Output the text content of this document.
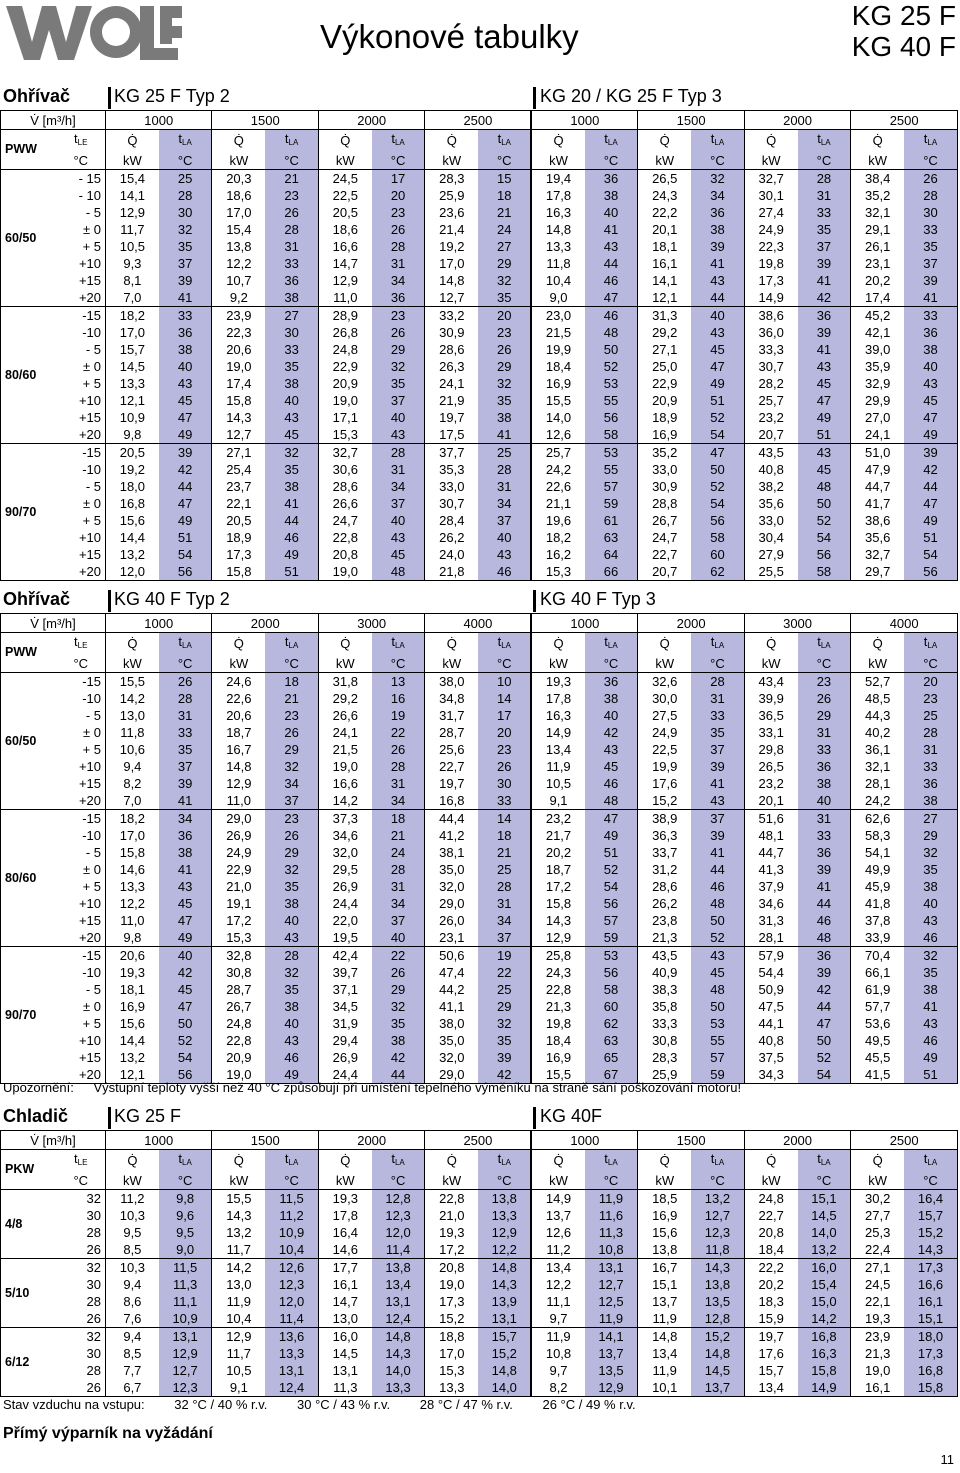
Výkonové tabulky
KG 25 F
KG 40 F
Ohřívač KG 25 F Typ 2	KG 20 / KG 25 F Typ 3
V̇ [m³/h]		1000		1500		2000		2500		1000		1500		2000		2500	
PWW	tLE	Q̇	tLA	Q̇	tLA	Q̇	tLA	Q̇	tLA	Q̇	tLA	Q̇	tLA	Q̇	tLA	Q̇	tLA
	°C	kW	°C	kW	°C	kW	°C	kW	°C	kW	°C	kW	°C	kW	°C	kW	°C
60/50	- 15	15,4	25	20,3	21	24,5	17	28,3	15	19,4	36	26,5	32	32,7	28	38,4	26
	- 10	14,1	28	18,6	23	22,5	20	25,9	18	17,8	38	24,3	34	30,1	31	35,2	28
	- 5	12,9	30	17,0	26	20,5	23	23,6	21	16,3	40	22,2	36	27,4	33	32,1	30
	± 0	11,7	32	15,4	28	18,6	26	21,4	24	14,8	41	20,1	38	24,9	35	29,1	33
	+ 5	10,5	35	13,8	31	16,6	28	19,2	27	13,3	43	18,1	39	22,3	37	26,1	35
	+10	9,3	37	12,2	33	14,7	31	17,0	29	11,8	44	16,1	41	19,8	39	23,1	37
	+15	8,1	39	10,7	36	12,9	34	14,8	32	10,4	46	14,1	43	17,3	41	20,2	39
	+20	7,0	41	9,2	38	11,0	36	12,7	35	9,0	47	12,1	44	14,9	42	17,4	41
80/60	-15	18,2	33	23,9	27	28,9	23	33,2	20	23,0	46	31,3	40	38,6	36	45,2	33
	-10	17,0	36	22,3	30	26,8	26	30,9	23	21,5	48	29,2	43	36,0	39	42,1	36
	- 5	15,7	38	20,6	33	24,8	29	28,6	26	19,9	50	27,1	45	33,3	41	39,0	38
	± 0	14,5	40	19,0	35	22,9	32	26,3	29	18,4	52	25,0	47	30,7	43	35,9	40
	+ 5	13,3	43	17,4	38	20,9	35	24,1	32	16,9	53	22,9	49	28,2	45	32,9	43
	+10	12,1	45	15,8	40	19,0	37	21,9	35	15,5	55	20,9	51	25,7	47	29,9	45
	+15	10,9	47	14,3	43	17,1	40	19,7	38	14,0	56	18,9	52	23,2	49	27,0	47
	+20	9,8	49	12,7	45	15,3	43	17,5	41	12,6	58	16,9	54	20,7	51	24,1	49
90/70	-15	20,5	39	27,1	32	32,7	28	37,7	25	25,7	53	35,2	47	43,5	43	51,0	39
	-10	19,2	42	25,4	35	30,6	31	35,3	28	24,2	55	33,0	50	40,8	45	47,9	42
	- 5	18,0	44	23,7	38	28,6	34	33,0	31	22,6	57	30,9	52	38,2	48	44,7	44
	± 0	16,8	47	22,1	41	26,6	37	30,7	34	21,1	59	28,8	54	35,6	50	41,7	47
	+ 5	15,6	49	20,5	44	24,7	40	28,4	37	19,6	61	26,7	56	33,0	52	38,6	49
	+10	14,4	51	18,9	46	22,8	43	26,2	40	18,2	63	24,7	58	30,4	54	35,6	51
	+15	13,2	54	17,3	49	20,8	45	24,0	43	16,2	64	22,7	60	27,9	56	32,7	54
	+20	12,0	56	15,8	51	19,0	48	21,8	46	15,3	66	20,7	62	25,5	58	29,7	56
Ohřívač KG 40 F Typ 2	KG 40 F Typ 3
V̇ [m³/h]		1000		2000		3000		4000		1000		2000		3000		4000	
PWW	tLE	Q̇	tLA	Q̇	tLA	Q̇	tLA	Q̇	tLA	Q̇	tLA	Q̇	tLA	Q̇	tLA	Q̇	tLA
	°C	kW	°C	kW	°C	kW	°C	kW	°C	kW	°C	kW	°C	kW	°C	kW	°C
60/50	-15	15,5	26	24,6	18	31,8	13	38,0	10	19,3	36	32,6	28	43,4	23	52,7	20
	-10	14,2	28	22,6	21	29,2	16	34,8	14	17,8	38	30,0	31	39,9	26	48,5	23
	- 5	13,0	31	20,6	23	26,6	19	31,7	17	16,3	40	27,5	33	36,5	29	44,3	25
	± 0	11,8	33	18,7	26	24,1	22	28,7	20	14,9	42	24,9	35	33,1	31	40,2	28
	+ 5	10,6	35	16,7	29	21,5	26	25,6	23	13,4	43	22,5	37	29,8	33	36,1	31
	+10	9,4	37	14,8	32	19,0	28	22,7	26	11,9	45	19,9	39	26,5	36	32,1	33
	+15	8,2	39	12,9	34	16,6	31	19,7	30	10,5	46	17,6	41	23,2	38	28,1	36
	+20	7,0	41	11,0	37	14,2	34	16,8	33	9,1	48	15,2	43	20,1	40	24,2	38
80/60	-15	18,2	34	29,0	23	37,3	18	44,4	14	23,2	47	38,9	37	51,6	31	62,6	27
	-10	17,0	36	26,9	26	34,6	21	41,2	18	21,7	49	36,3	39	48,1	33	58,3	29
	- 5	15,8	38	24,9	29	32,0	24	38,1	21	20,2	51	33,7	41	44,7	36	54,1	32
	± 0	14,6	41	22,9	32	29,5	28	35,0	25	18,7	52	31,2	44	41,3	39	49,9	35
	+ 5	13,3	43	21,0	35	26,9	31	32,0	28	17,2	54	28,6	46	37,9	41	45,9	38
	+10	12,2	45	19,1	38	24,4	34	29,0	31	15,8	56	26,2	48	34,6	44	41,8	40
	+15	11,0	47	17,2	40	22,0	37	26,0	34	14,3	57	23,8	50	31,3	46	37,8	43
	+20	9,8	49	15,3	43	19,5	40	23,1	37	12,9	59	21,3	52	28,1	48	33,9	46
90/70	-15	20,6	40	32,8	28	42,4	22	50,6	19	25,8	53	43,5	43	57,9	36	70,4	32
	-10	19,3	42	30,8	32	39,7	26	47,4	22	24,3	56	40,9	45	54,4	39	66,1	35
	- 5	18,1	45	28,7	35	37,1	29	44,2	25	22,8	58	38,3	48	50,9	42	61,9	38
	± 0	16,9	47	26,7	38	34,5	32	41,1	29	21,3	60	35,8	50	47,5	44	57,7	41
	+ 5	15,6	50	24,8	40	31,9	35	38,0	32	19,8	62	33,3	53	44,1	47	53,6	43
	+10	14,4	52	22,8	43	29,4	38	35,0	35	18,4	63	30,8	55	40,8	50	49,5	46
	+15	13,2	54	20,9	46	26,9	42	32,0	39	16,9	65	28,3	57	37,5	52	45,5	49
	+20	12,1	56	19,0	49	24,4	44	29,0	42	15,5	67	25,9	59	34,3	54	41,5	51
Upozornění: Výstupní teploty vyšší než 40 °C způsobují při umístění tepelného výměníku na straně sání poškozování motoru!
Chladič	KG 25 F	KG 40F
V̇ [m³/h]		1000		1500		2000		2500		1000		1500		2000		2500	
PKW	tLE	Q̇	tLA	Q̇	tLA	Q̇	tLA	Q̇	tLA	Q̇	tLA	Q̇	tLA	Q̇	tLA	Q̇	tLA
	°C	kW	°C	kW	°C	kW	°C	kW	°C	kW	°C	kW	°C	kW	°C	kW	°C
4/8	32	11,2	9,8	15,5	11,5	19,3	12,8	22,8	13,8	14,9	11,9	18,5	13,2	24,8	15,1	30,2	16,4
	30	10,3	9,6	14,3	11,2	17,8	12,3	21,0	13,3	13,7	11,6	16,9	12,7	22,7	14,5	27,7	15,7
	28	9,5	9,5	13,2	10,9	16,4	12,0	19,3	12,9	12,6	11,3	15,6	12,3	20,8	14,0	25,3	15,2
	26	8,5	9,0	11,7	10,4	14,6	11,4	17,2	12,2	11,2	10,8	13,8	11,8	18,4	13,2	22,4	14,3
5/10	32	10,3	11,5	14,2	12,6	17,7	13,8	20,8	14,8	13,4	13,1	16,7	14,3	22,2	16,0	27,1	17,3
	30	9,4	11,3	13,0	12,3	16,1	13,4	19,0	14,3	12,2	12,7	15,1	13,8	20,2	15,4	24,5	16,6
	28	8,6	11,1	11,9	12,0	14,7	13,1	17,3	13,9	11,1	12,5	13,7	13,5	18,3	15,0	22,1	16,1
	26	7,6	10,9	10,4	11,4	13,0	12,4	15,2	13,1	9,7	11,9	11,9	12,8	15,9	14,2	19,3	15,1
6/12	32	9,4	13,1	12,9	13,6	16,0	14,8	18,8	15,7	11,9	14,1	14,8	15,2	19,7	16,8	23,9	18,0
	30	8,5	12,9	11,7	13,3	14,5	14,3	17,0	15,2	10,8	13,7	13,4	14,8	17,6	16,3	21,3	17,3
	28	7,7	12,7	10,5	13,1	13,1	14,0	15,3	14,8	9,7	13,5	11,9	14,5	15,7	15,8	19,0	16,8
	26	6,7	12,3	9,1	12,4	11,3	13,3	13,3	14,0	8,2	12,9	10,1	13,7	13,4	14,9	16,1	15,8
Stav vzduchu na vstupu: 32 °C / 40 % r.v. 30 °C / 43 % r.v. 28 °C / 47 % r.v. 26 °C / 49 % r.v.
Přímý výparník na vyžádání
11
